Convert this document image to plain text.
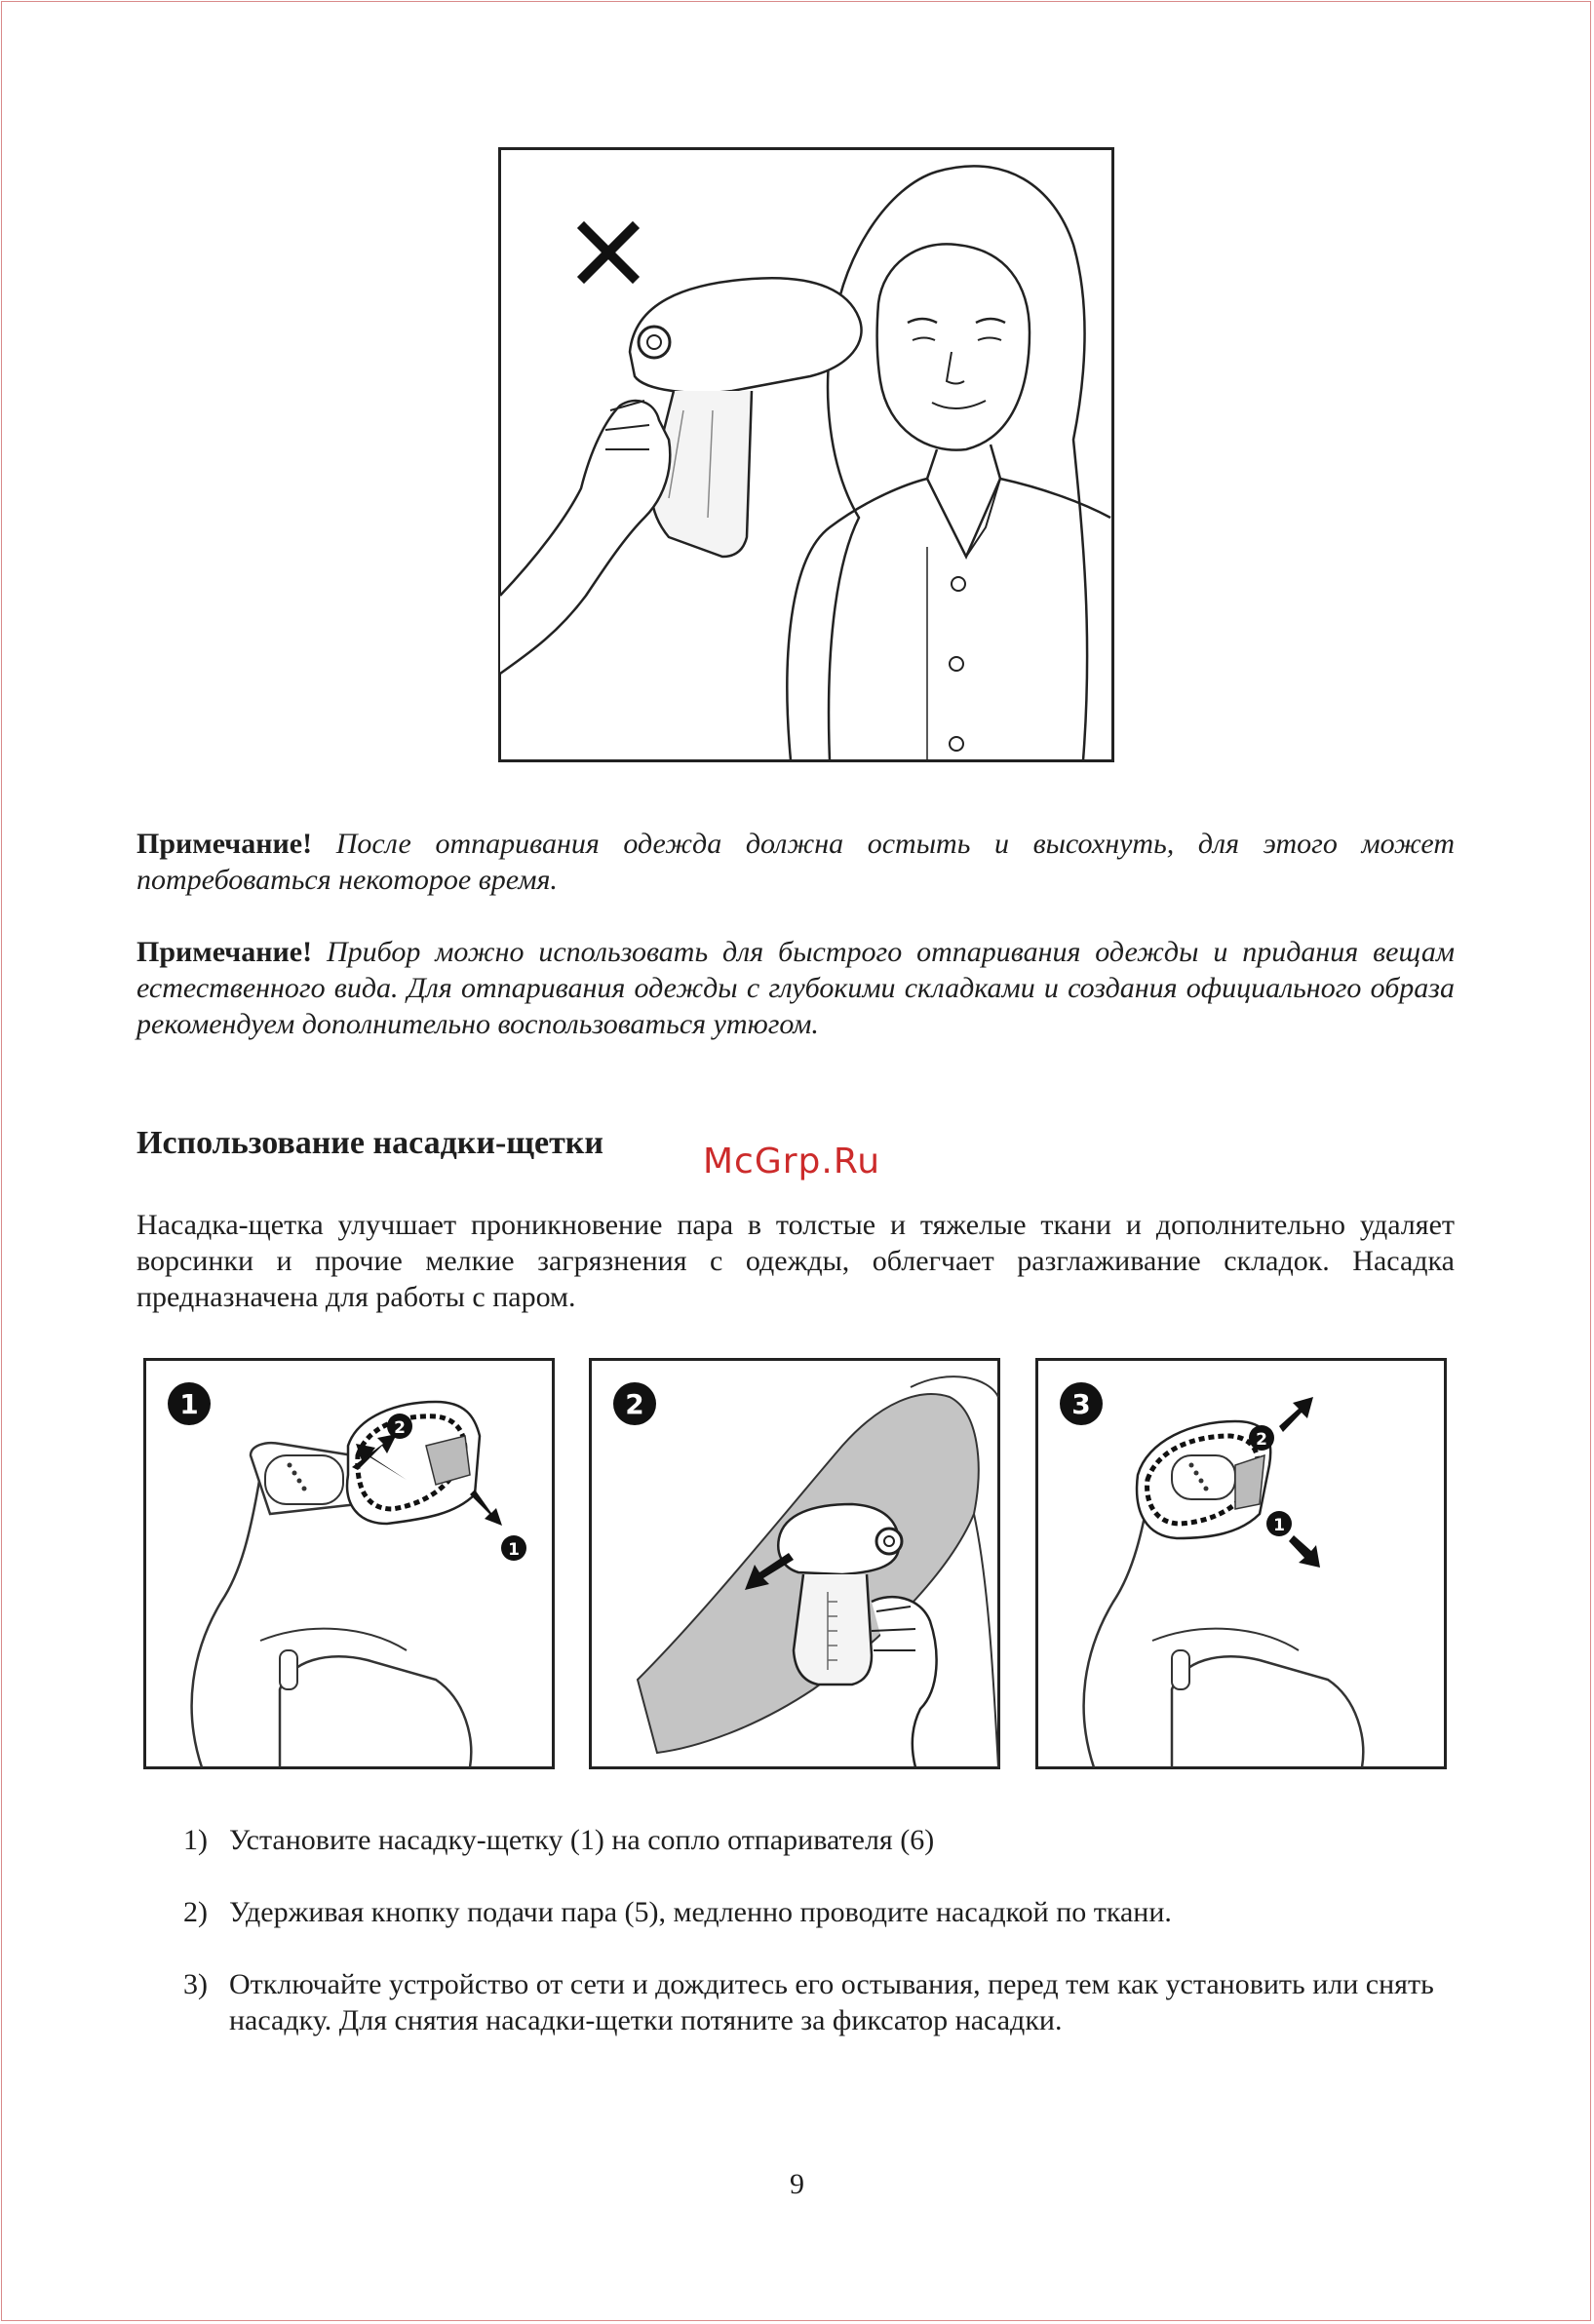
Примечание! После отпаривания одежда должна остыть и высохнуть, для этого может потребоваться некоторое время.

Примечание! Прибор можно использовать для быстрого отпаривания одежды и придания вещам естественного вида. Для отпаривания одежды с глубокими складками и создания официального образа рекомендуем дополнительно воспользоваться утюгом.

Использование насадки-щетки	McGrp.Ru

Насадка-щетка улучшает проникновение пара в толстые и тяжелые ткани и дополнительно удаляет ворсинки и прочие мелкие загрязнения с одежды, облегчает разглаживание складок. Насадка предназначена для работы с паром.

1
2
1
2	3
2
1
1) Установите насадку-щетку (1) на сопло отпаривателя (6)
2) Удерживая кнопку подачи пара (5), медленно проводите насадкой по ткани.
3) Отключайте устройство от сети и дождитесь его остывания, перед тем как установить или снять насадку. Для снятия насадки-щетки потяните за фиксатор насадки.
9
